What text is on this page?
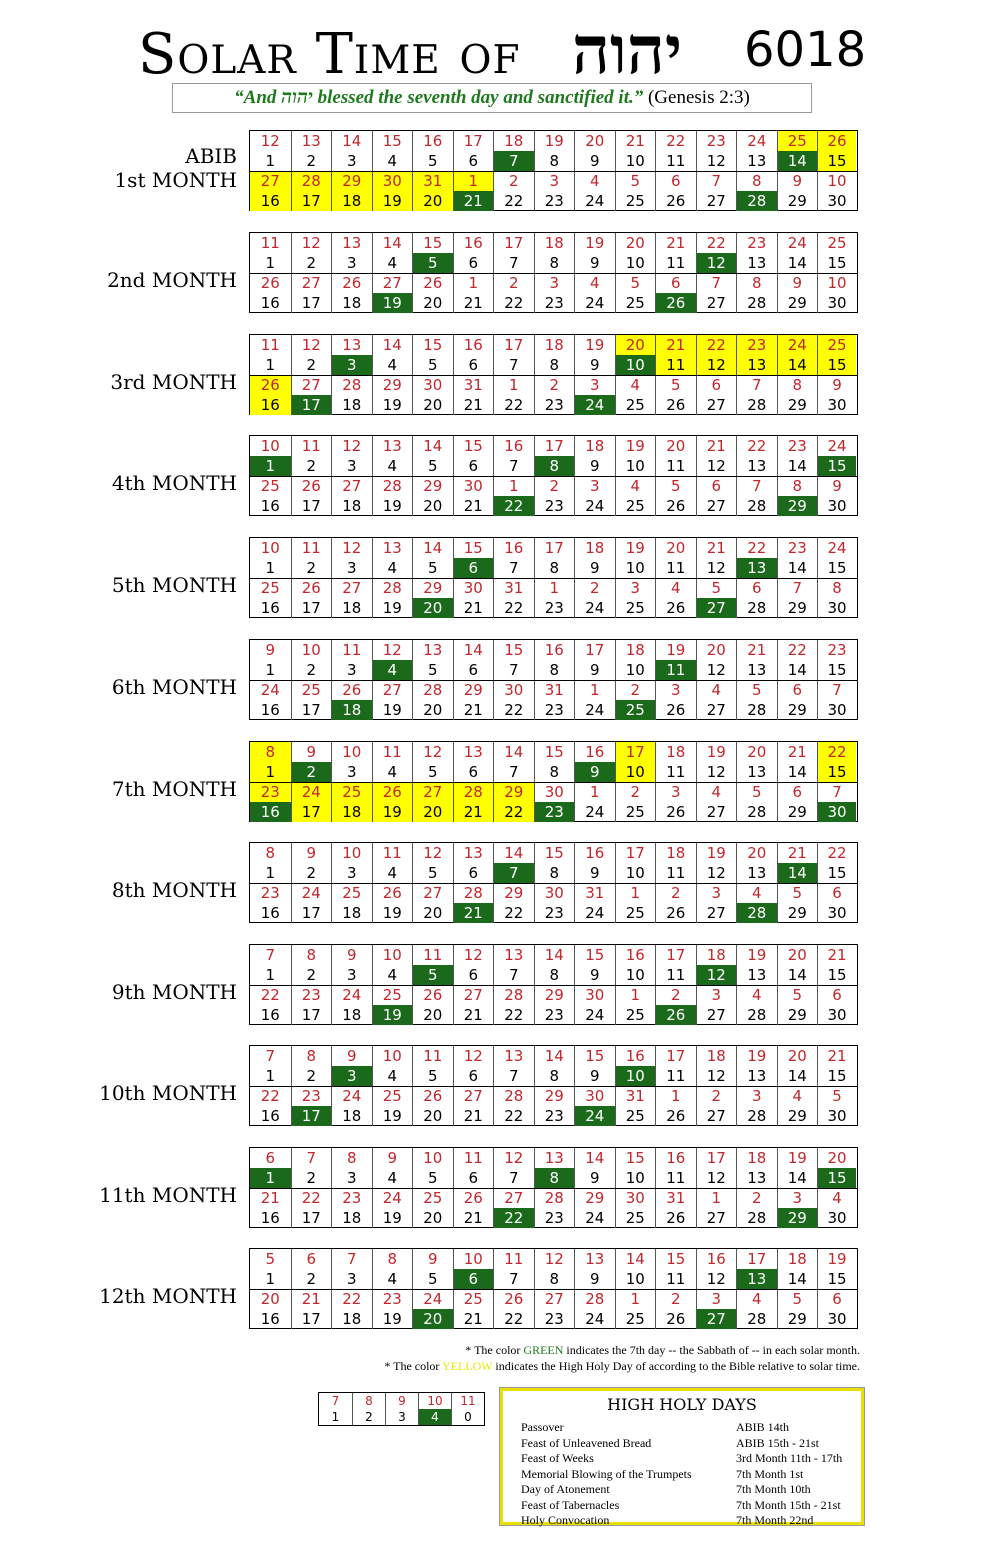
Solar Time of יהוה 6018
“And יהוה blessed the seventh day and sanctified it.” (Genesis 2:3)
ABIB
1st MONTH
12	13	14	15	16	17	18	19	20	21	22	23	24	25	26
1	2	3	4	5	6	7	8	9	10	11	12	13	14	15
27	28	29	30	31	1	2	3	4	5	6	7	8	9	10
16	17	18	19	20	21	22	23	24	25	26	27	28	29	30
2nd MONTH
11	12	13	14	15	16	17	18	19	20	21	22	23	24	25
1	2	3	4	5	6	7	8	9	10	11	12	13	14	15
26	27	26	27	26	1	2	3	4	5	6	7	8	9	10
16	17	18	19	20	21	22	23	24	25	26	27	28	29	30
3rd MONTH
11	12	13	14	15	16	17	18	19	20	21	22	23	24	25
1	2	3	4	5	6	7	8	9	10	11	12	13	14	15
26	27	28	29	30	31	1	2	3	4	5	6	7	8	9
16	17	18	19	20	21	22	23	24	25	26	27	28	29	30
4th MONTH
10	11	12	13	14	15	16	17	18	19	20	21	22	23	24
1	2	3	4	5	6	7	8	9	10	11	12	13	14	15
25	26	27	28	29	30	1	2	3	4	5	6	7	8	9
16	17	18	19	20	21	22	23	24	25	26	27	28	29	30
5th MONTH
10	11	12	13	14	15	16	17	18	19	20	21	22	23	24
1	2	3	4	5	6	7	8	9	10	11	12	13	14	15
25	26	27	28	29	30	31	1	2	3	4	5	6	7	8
16	17	18	19	20	21	22	23	24	25	26	27	28	29	30
6th MONTH
9	10	11	12	13	14	15	16	17	18	19	20	21	22	23
1	2	3	4	5	6	7	8	9	10	11	12	13	14	15
24	25	26	27	28	29	30	31	1	2	3	4	5	6	7
16	17	18	19	20	21	22	23	24	25	26	27	28	29	30
7th MONTH
8	9	10	11	12	13	14	15	16	17	18	19	20	21	22
1	2	3	4	5	6	7	8	9	10	11	12	13	14	15
23	24	25	26	27	28	29	30	1	2	3	4	5	6	7
16	17	18	19	20	21	22	23	24	25	26	27	28	29	30
8th MONTH
8	9	10	11	12	13	14	15	16	17	18	19	20	21	22
1	2	3	4	5	6	7	8	9	10	11	12	13	14	15
23	24	25	26	27	28	29	30	31	1	2	3	4	5	6
16	17	18	19	20	21	22	23	24	25	26	27	28	29	30
9th MONTH
7	8	9	10	11	12	13	14	15	16	17	18	19	20	21
1	2	3	4	5	6	7	8	9	10	11	12	13	14	15
22	23	24	25	26	27	28	29	30	1	2	3	4	5	6
16	17	18	19	20	21	22	23	24	25	26	27	28	29	30
10th MONTH
7	8	9	10	11	12	13	14	15	16	17	18	19	20	21
1	2	3	4	5	6	7	8	9	10	11	12	13	14	15
22	23	24	25	26	27	28	29	30	31	1	2	3	4	5
16	17	18	19	20	21	22	23	24	25	26	27	28	29	30
11th MONTH
6	7	8	9	10	11	12	13	14	15	16	17	18	19	20
1	2	3	4	5	6	7	8	9	10	11	12	13	14	15
21	22	23	24	25	26	27	28	29	30	31	1	2	3	4
16	17	18	19	20	21	22	23	24	25	26	27	28	29	30
12th MONTH
5	6	7	8	9	10	11	12	13	14	15	16	17	18	19
1	2	3	4	5	6	7	8	9	10	11	12	13	14	15
20	21	22	23	24	25	26	27	28	1	2	3	4	5	6
16	17	18	19	20	21	22	23	24	25	26	27	28	29	30
* The color GREEN indicates the 7th day -- the Sabbath of -- in each solar month.
* The color YELLOW indicates the High Holy Day of according to the Bible relative to solar time.
7	8	9	10	11
1	2	3	4	0
HIGH HOLY DAYS
Passover	ABIB 14th
Feast of Unleavened Bread	ABIB 15th - 21st
Feast of Weeks	3rd Month 11th - 17th
Memorial Blowing of the Trumpets	7th Month 1st
Day of Atonement	7th Month 10th
Feast of Tabernacles	7th Month 15th - 21st
Holy Convocation	7th Month 22nd
